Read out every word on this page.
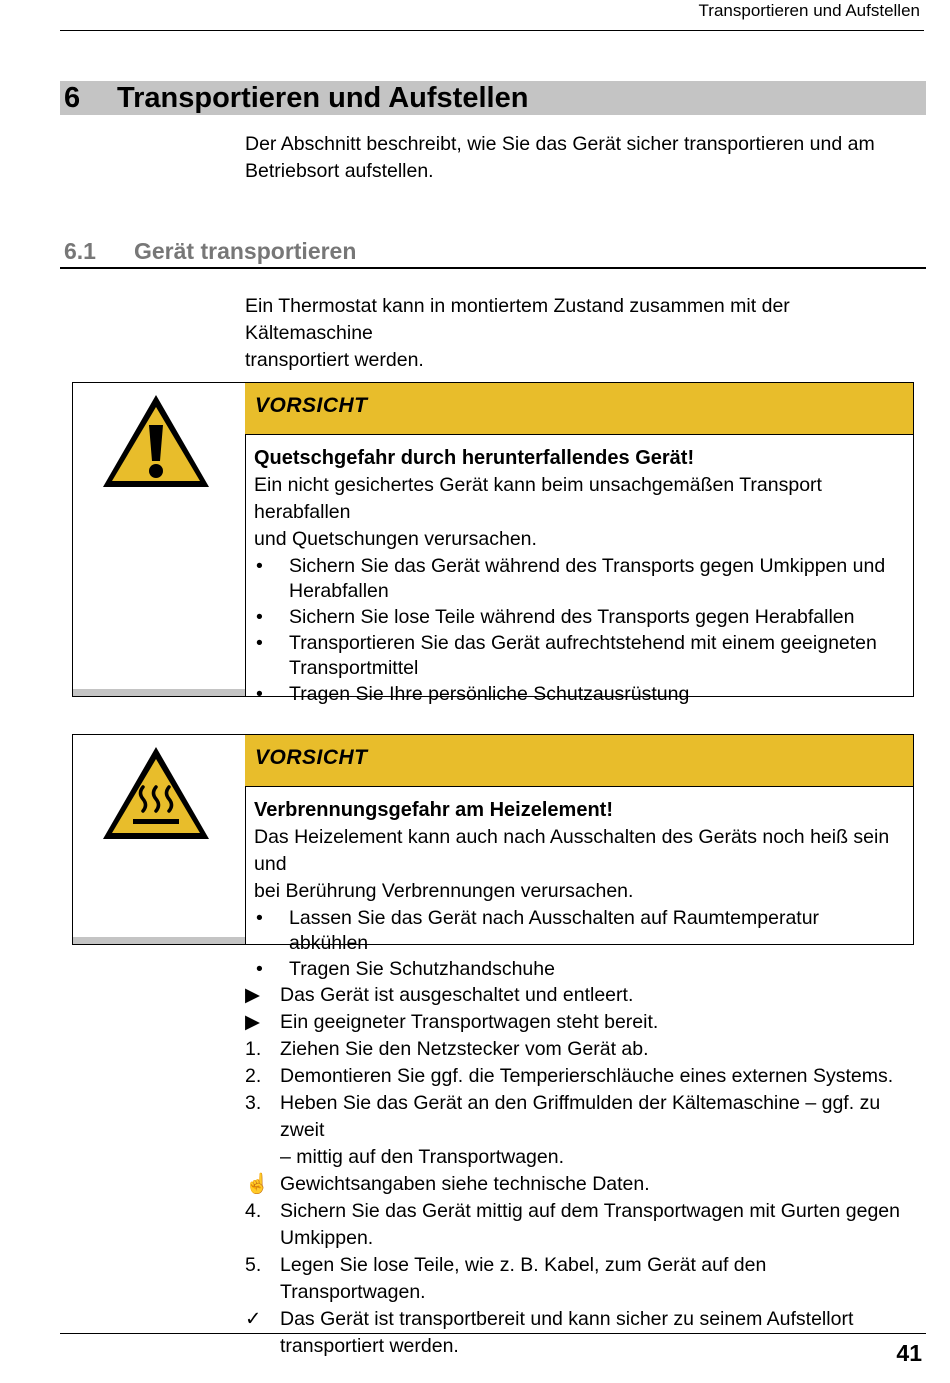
Transportieren und Aufstellen
6 Transportieren und Aufstellen
Der Abschnitt beschreibt, wie Sie das Gerät sicher transportieren und am
Betriebsort aufstellen.
6.1 Gerät transportieren
Ein Thermostat kann in montiertem Zustand zusammen mit der Kältemaschine
transportiert werden.
VORSICHT
Quetschgefahr durch herunterfallendes Gerät!
Ein nicht gesichertes Gerät kann beim unsachgemäßen Transport herabfallen
und Quetschungen verursachen.
• Sichern Sie das Gerät während des Transports gegen Umkippen und
Herabfallen
• Sichern Sie lose Teile während des Transports gegen Herabfallen
• Transportieren Sie das Gerät aufrechtstehend mit einem geeigneten
Transportmittel
• Tragen Sie Ihre persönliche Schutzausrüstung
VORSICHT
Verbrennungsgefahr am Heizelement!
Das Heizelement kann auch nach Ausschalten des Geräts noch heiß sein und
bei Berührung Verbrennungen verursachen.
• Lassen Sie das Gerät nach Ausschalten auf Raumtemperatur abkühlen
• Tragen Sie Schutzhandschuhe
▶	Das Gerät ist ausgeschaltet und entleert.
▶	Ein geeigneter Transportwagen steht bereit.
1. Ziehen Sie den Netzstecker vom Gerät ab.
2. Demontieren Sie ggf. die Temperierschläuche eines externen Systems.
3. Heben Sie das Gerät an den Griffmulden der Kältemaschine – ggf. zu zweit
– mittig auf den Transportwagen.
☝ Gewichtsangaben siehe technische Daten.
4. Sichern Sie das Gerät mittig auf dem Transportwagen mit Gurten gegen
Umkippen.
5. Legen Sie lose Teile, wie z. B. Kabel, zum Gerät auf den Transportwagen.
✓ Das Gerät ist transportbereit und kann sicher zu seinem Aufstellort
transportiert werden.	41
